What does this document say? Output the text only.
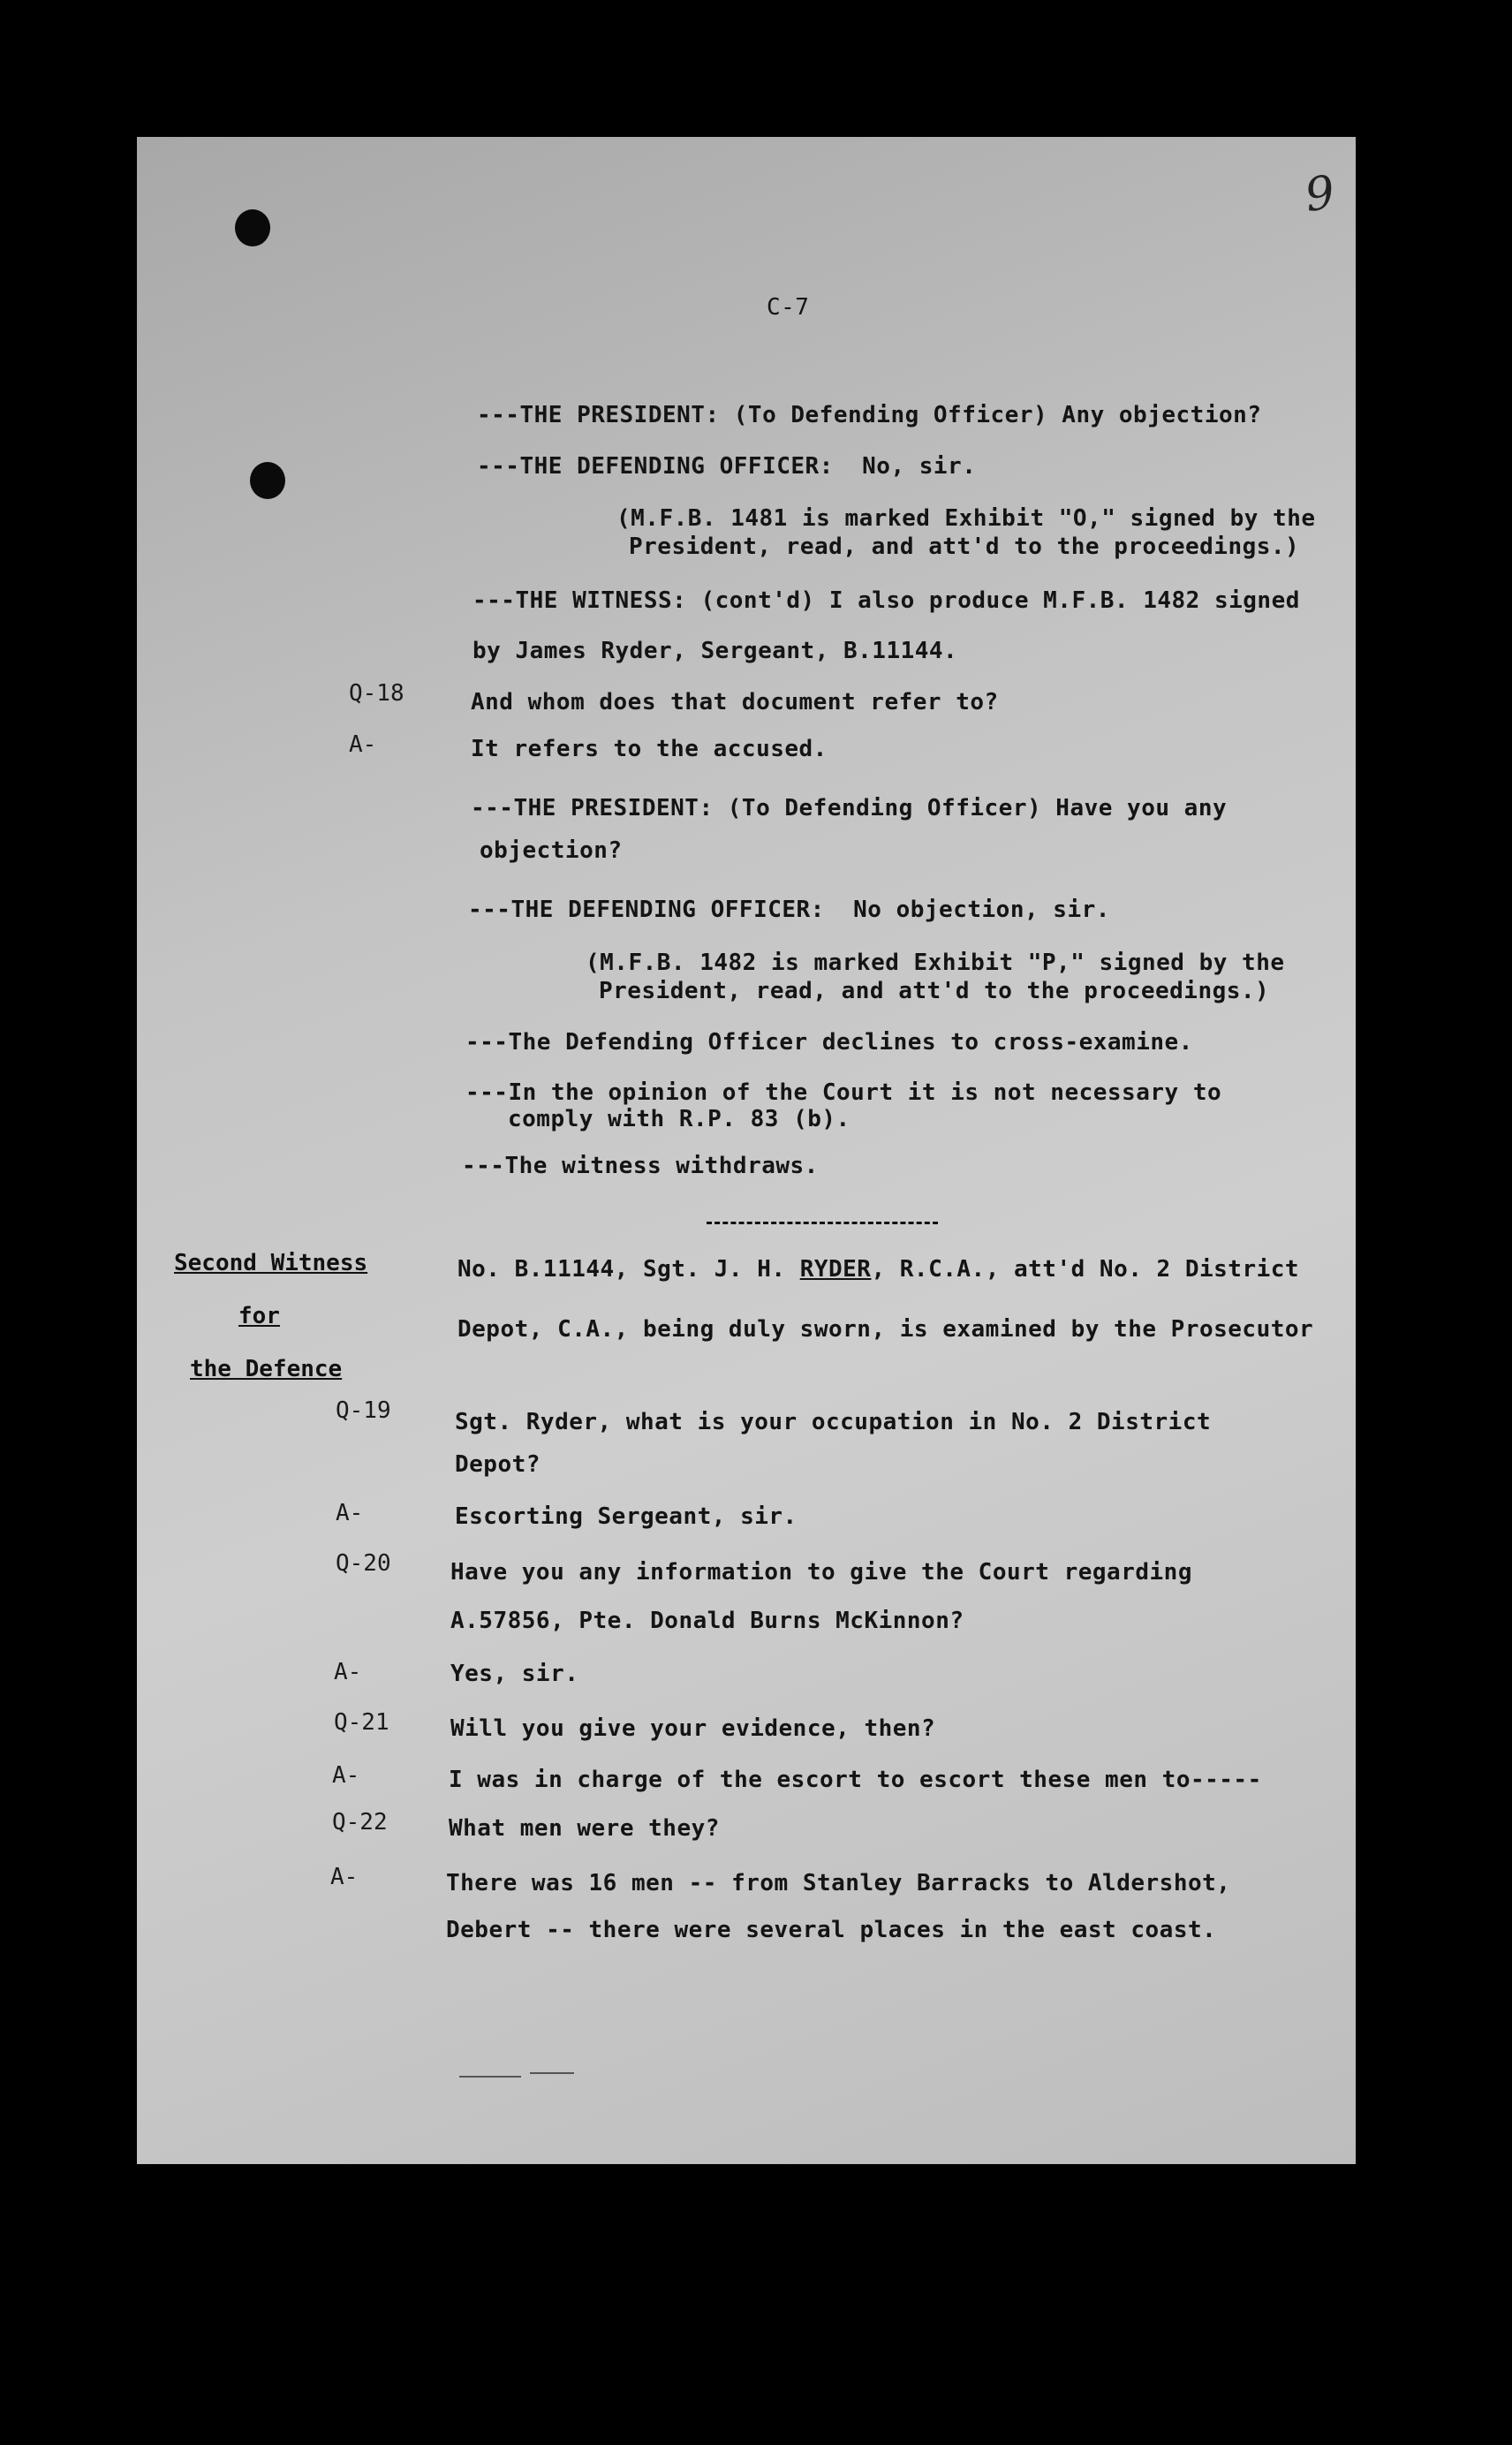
9
C-7
---THE PRESIDENT: (To Defending Officer) Any objection?
---THE DEFENDING OFFICER:  No, sir.
(M.F.B. 1481 is marked Exhibit "O," signed by the
President, read, and att'd to the proceedings.)
---THE WITNESS: (cont'd) I also produce M.F.B. 1482 signed
by James Ryder, Sergeant, B.11144.
Q-18	And whom does that document refer to?
A-	It refers to the accused.
---THE PRESIDENT: (To Defending Officer) Have you any
objection?
---THE DEFENDING OFFICER:  No objection, sir.
(M.F.B. 1482 is marked Exhibit "P," signed by the
President, read, and att'd to the proceedings.)
---The Defending Officer declines to cross-examine.
---In the opinion of the Court it is not necessary to
comply with R.P. 83 (b).
---The witness withdraws.
Second Witness
for
the Defence
No. B.11144, Sgt. J. H. RYDER, R.C.A., att'd No. 2 District
Depot, C.A., being duly sworn, is examined by the Prosecutor
Q-19	Sgt. Ryder, what is your occupation in No. 2 District
Depot?
A-	Escorting Sergeant, sir.
Q-20	Have you any information to give the Court regarding
A.57856, Pte. Donald Burns McKinnon?
A-	Yes, sir.
Q-21	Will you give your evidence, then?
A-	I was in charge of the escort to escort these men to-----
Q-22	What men were they?
A-	There was 16 men -- from Stanley Barracks to Aldershot,
Debert -- there were several places in the east coast.
